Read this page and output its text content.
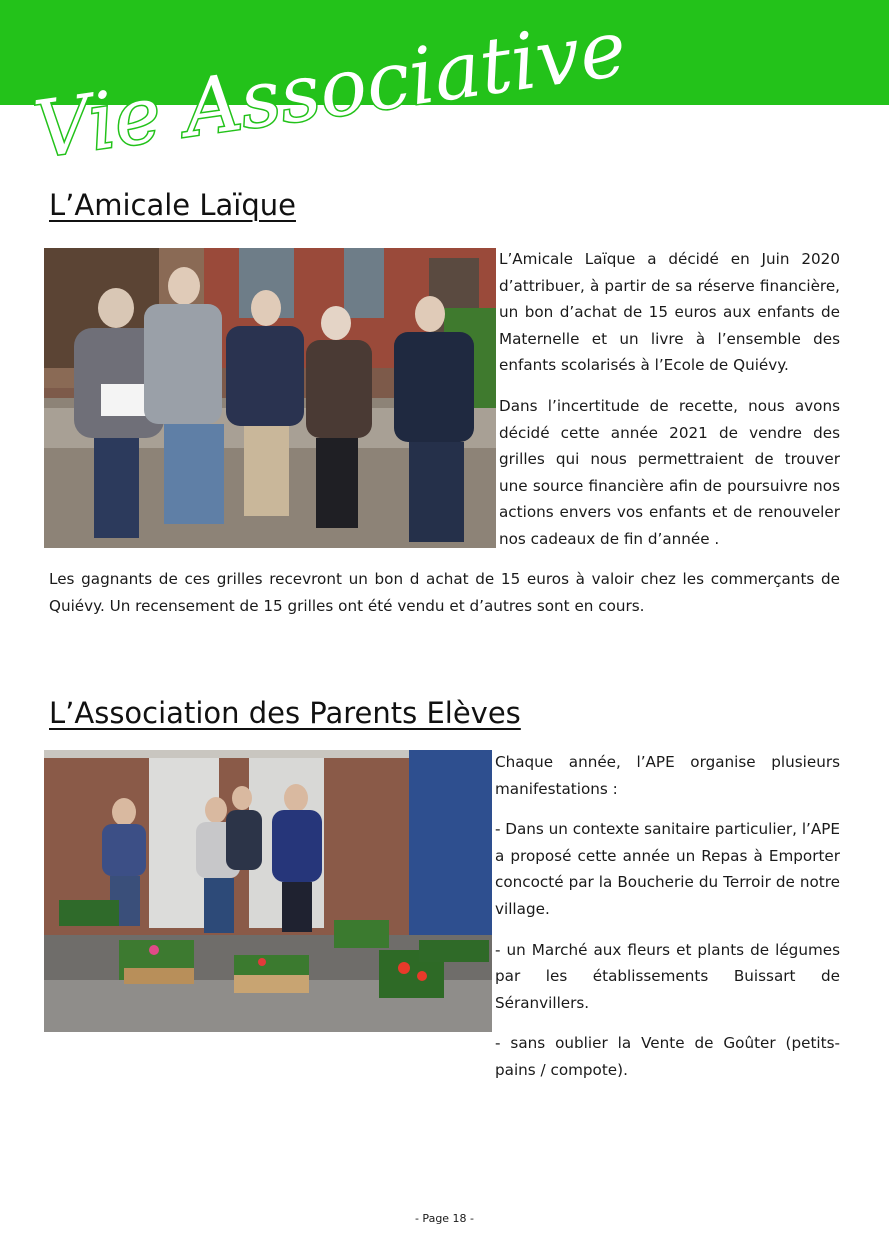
Vie Associative
L’Amicale Laïque

L’Amicale Laïque a décidé en Juin 2020 d’attribuer, à partir de sa réserve financière, un bon d’achat de 15 euros aux enfants de Maternelle et un livre à l’ensemble des enfants scolarisés à l’Ecole de Quiévy.

Dans l’incertitude de recette, nous avons décidé cette année 2021 de vendre des grilles qui nous permettraient de trouver une source financière afin de poursuivre nos actions envers vos enfants et de renouveler nos cadeaux de fin d’année .

Les gagnants de ces grilles recevront un bon d achat de 15 euros à valoir chez les commerçants de Quiévy. Un recensement de 15 grilles ont été vendu et d’autres sont en cours.

L’Association des Parents Elèves

Chaque année, l’APE organise plusieurs manifestations :

- Dans un contexte sanitaire particulier, l’APE a proposé cette année un Repas à Emporter concocté par la Boucherie du Terroir de notre village.

- un Marché aux fleurs et plants de légumes par les établissements Buissart de Séranvillers.

- sans oublier la Vente de Goûter (petits-pains / compote).

- Page 18 -
